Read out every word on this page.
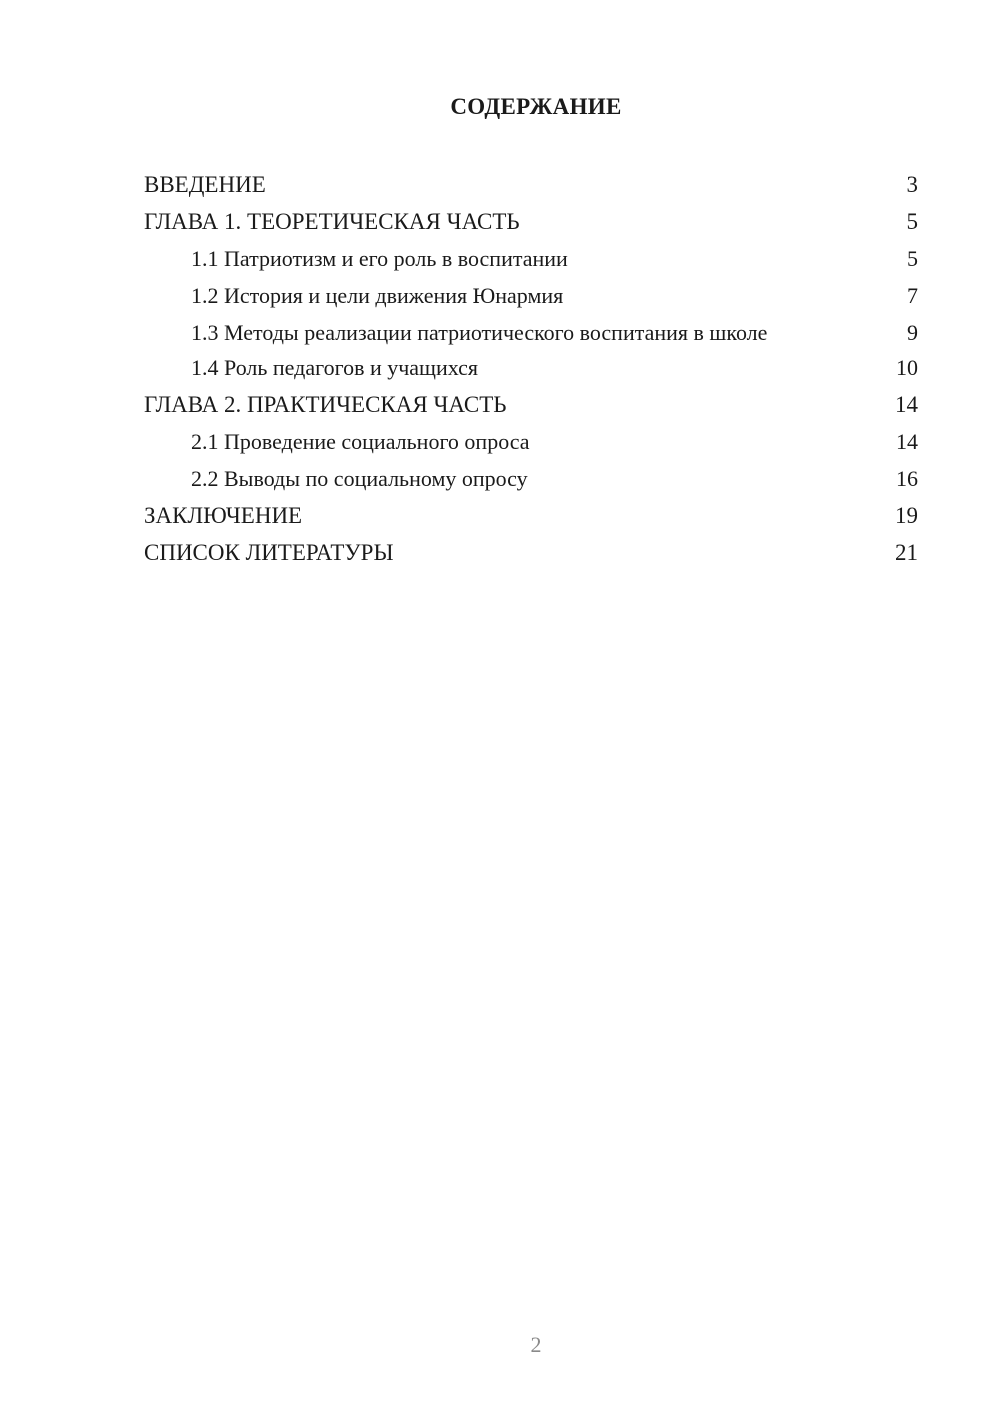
СОДЕРЖАНИЕ
ВВЕДЕНИЕ	3
ГЛАВА 1. ТЕОРЕТИЧЕСКАЯ ЧАСТЬ	5
1.1 Патриотизм и его роль в воспитании	5
1.2 История и цели движения Юнармия	7
1.3 Методы реализации патриотического воспитания в школе	9
1.4 Роль педагогов и учащихся	10
ГЛАВА 2. ПРАКТИЧЕСКАЯ ЧАСТЬ	14
2.1 Проведение социального опроса	14
2.2 Выводы по социальному опросу	16
ЗАКЛЮЧЕНИЕ	19
СПИСОК ЛИТЕРАТУРЫ	21
2
